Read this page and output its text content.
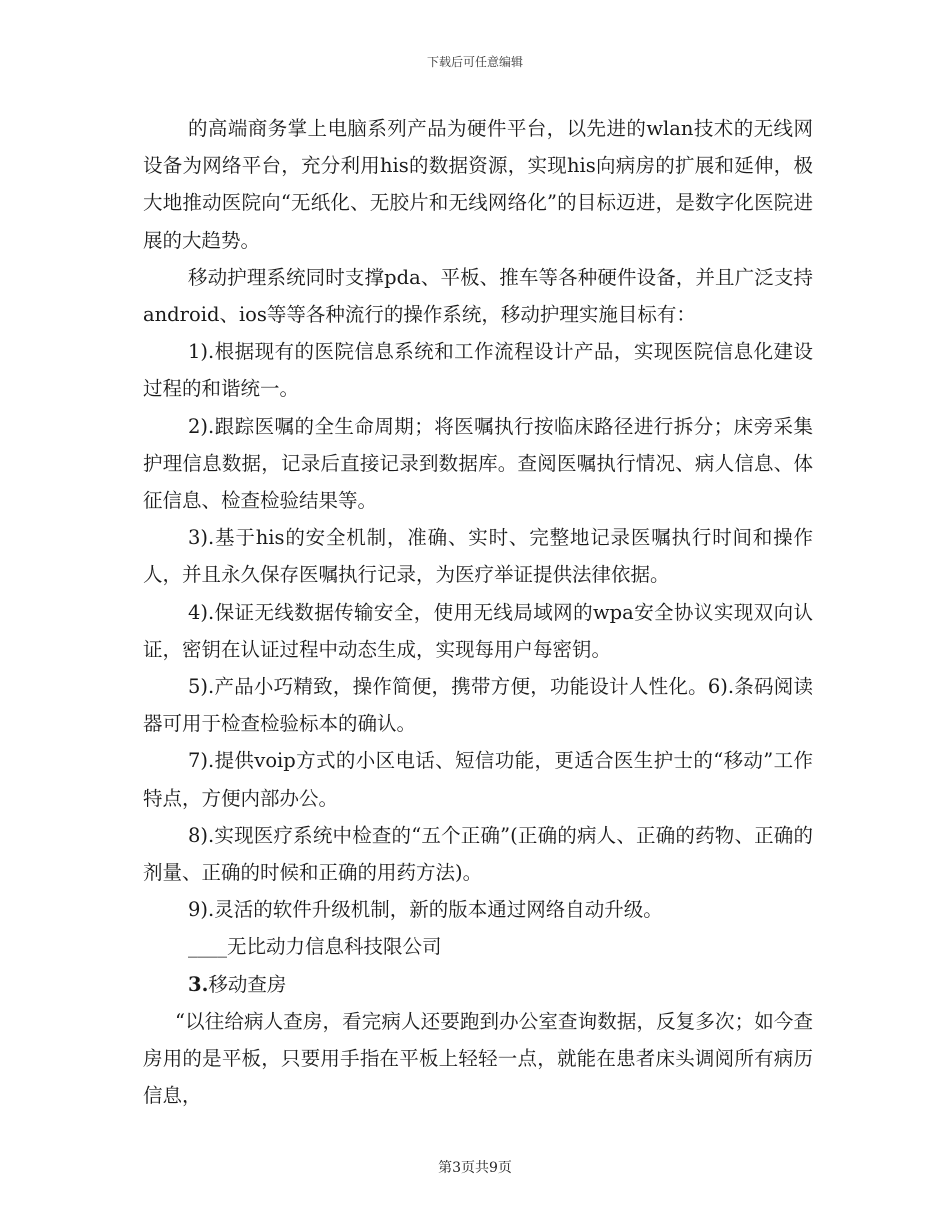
下载后可任意编辑

的高端商务掌上电脑系列产品为硬件平台，以先进的wlan技术的无线网设备为网络平台，充分利用his的数据资源，实现his向病房的扩展和延伸，极大地推动医院向“无纸化、无胶片和无线网络化”的目标迈进，是数字化医院进展的大趋势。

移动护理系统同时支撑pda、平板、推车等各种硬件设备，并且广泛支持android、ios等等各种流行的操作系统，移动护理实施目标有：

1).根据现有的医院信息系统和工作流程设计产品，实现医院信息化建设过程的和谐统一。

2).跟踪医嘱的全生命周期；将医嘱执行按临床路径进行拆分；床旁采集护理信息数据，记录后直接记录到数据库。查阅医嘱执行情况、病人信息、体征信息、检查检验结果等。

3).基于his的安全机制，准确、实时、完整地记录医嘱执行时间和操作人，并且永久保存医嘱执行记录，为医疗举证提供法律依据。

4).保证无线数据传输安全，使用无线局域网的wpa安全协议实现双向认证，密钥在认证过程中动态生成，实现每用户每密钥。

5).产品小巧精致，操作简便，携带方便，功能设计人性化。6).条码阅读器可用于检查检验标本的确认。

7).提供voip方式的小区电话、短信功能，更适合医生护士的“移动”工作特点，方便内部办公。

8).实现医疗系统中检查的“五个正确”(正确的病人、正确的药物、正确的剂量、正确的时候和正确的用药方法)。

9).灵活的软件升级机制，新的版本通过网络自动升级。

____无比动力信息科技限公司

3.移动查房

“以往给病人查房，看完病人还要跑到办公室查询数据，反复多次；如今查房用的是平板，只要用手指在平板上轻轻一点，就能在患者床头调阅所有病历信息，

第3页共9页
